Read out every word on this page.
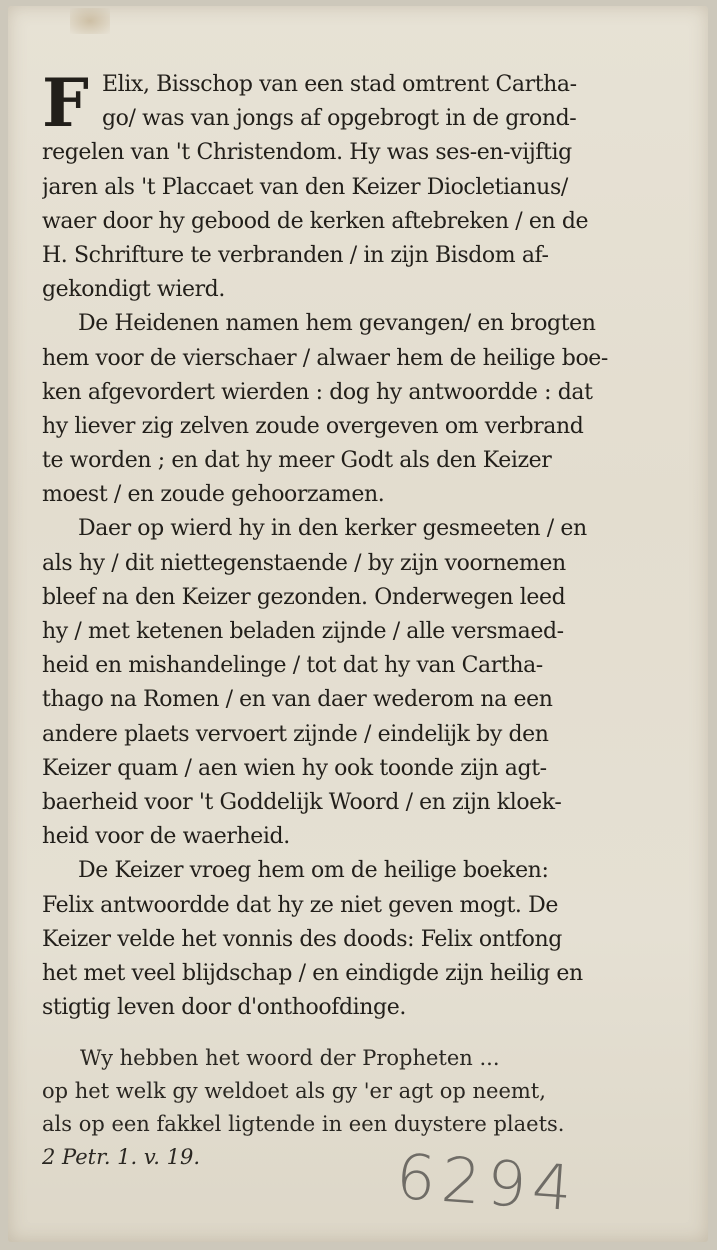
F Elix, Bisschop van een stad omtrent Cartha-
go/ was van jongs af opgebrogt in de grond-
regelen van 't Christendom. Hy was ses-en-vijftig
jaren als 't Placcaet van den Keizer Diocletianus/
waer door hy gebood de kerken aftebreken / en de
H. Schrifture te verbranden / in zijn Bisdom af-
gekondigt wierd.
De Heidenen namen hem gevangen/ en brogten
hem voor de vierschaer / alwaer hem de heilige boe-
ken afgevordert wierden : dog hy antwoordde : dat
hy liever zig zelven zoude overgeven om verbrand
te worden ; en dat hy meer Godt als den Keizer
moest / en zoude gehoorzamen.
Daer op wierd hy in den kerker gesmeeten / en
als hy / dit niettegenstaende / by zijn voornemen
bleef na den Keizer gezonden. Onderwegen leed
hy / met ketenen beladen zijnde / alle versmaed-
heid en mishandelinge / tot dat hy van Cartha-
thago na Romen / en van daer wederom na een
andere plaets vervoert zijnde / eindelijk by den
Keizer quam / aen wien hy ook toonde zijn agt-
baerheid voor 't Goddelijk Woord / en zijn kloek-
heid voor de waerheid.
De Keizer vroeg hem om de heilige boeken:
Felix antwoordde dat hy ze niet geven mogt. De
Keizer velde het vonnis des doods: Felix ontfong
het met veel blijdschap / en eindigde zijn heilig en
stigtig leven door d'onthoofdinge.
Wy hebben het woord der Propheten ...
op het welk gy weldoet als gy 'er agt op neemt,
als op een fakkel ligtende in een duystere plaets.
2 Petr. 1. v. 19.	6294
